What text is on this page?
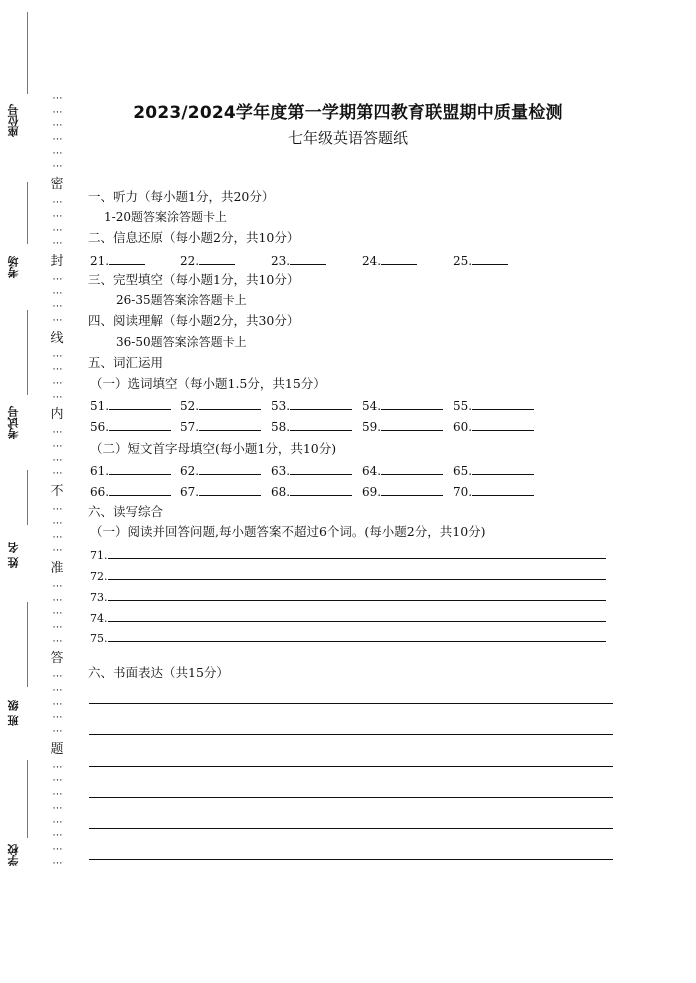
座位号
考场
考试号
姓 名
班 级
学校
⋯
⋯
⋯
⋯
⋯
⋯
密
⋯
⋯
⋯
⋯
封
⋯
⋯
⋯
⋯
线
⋯
⋯
⋯
⋯
内
⋯
⋯
⋯
⋯
不
⋯
⋯
⋯
⋯
准
⋯
⋯
⋯
⋯
⋯
答
⋯
⋯
⋯
⋯
⋯
题
⋯
⋯
⋯
⋯
⋯
⋯
⋯
⋯
2023/2024学年度第一学期第四教育联盟期中质量检测
七年级英语答题纸
一、听力（每小题1分，共20分）
1-20题答案涂答题卡上
二、信息还原（每小题2分，共10分）
21.	22.	23.	24.	25.
三、完型填空（每小题1分，共10分）
26-35题答案涂答题卡上
四、阅读理解（每小题2分，共30分）
36-50题答案涂答题卡上
五、词汇运用
（一）选词填空（每小题1.5分，共15分）
51.	52.	53.	54.	55.
56.	57.	58.	59.	60.
（二）短文首字母填空(每小题1分，共10分)
61.	62.	63.	64.	65.
66.	67.	68.	69.	70.
六、读写综合
（一）阅读并回答问题,每小题答案不超过6个词。(每小题2分，共10分)
71.
72.
73.
74.
75.
六、书面表达（共15分）
